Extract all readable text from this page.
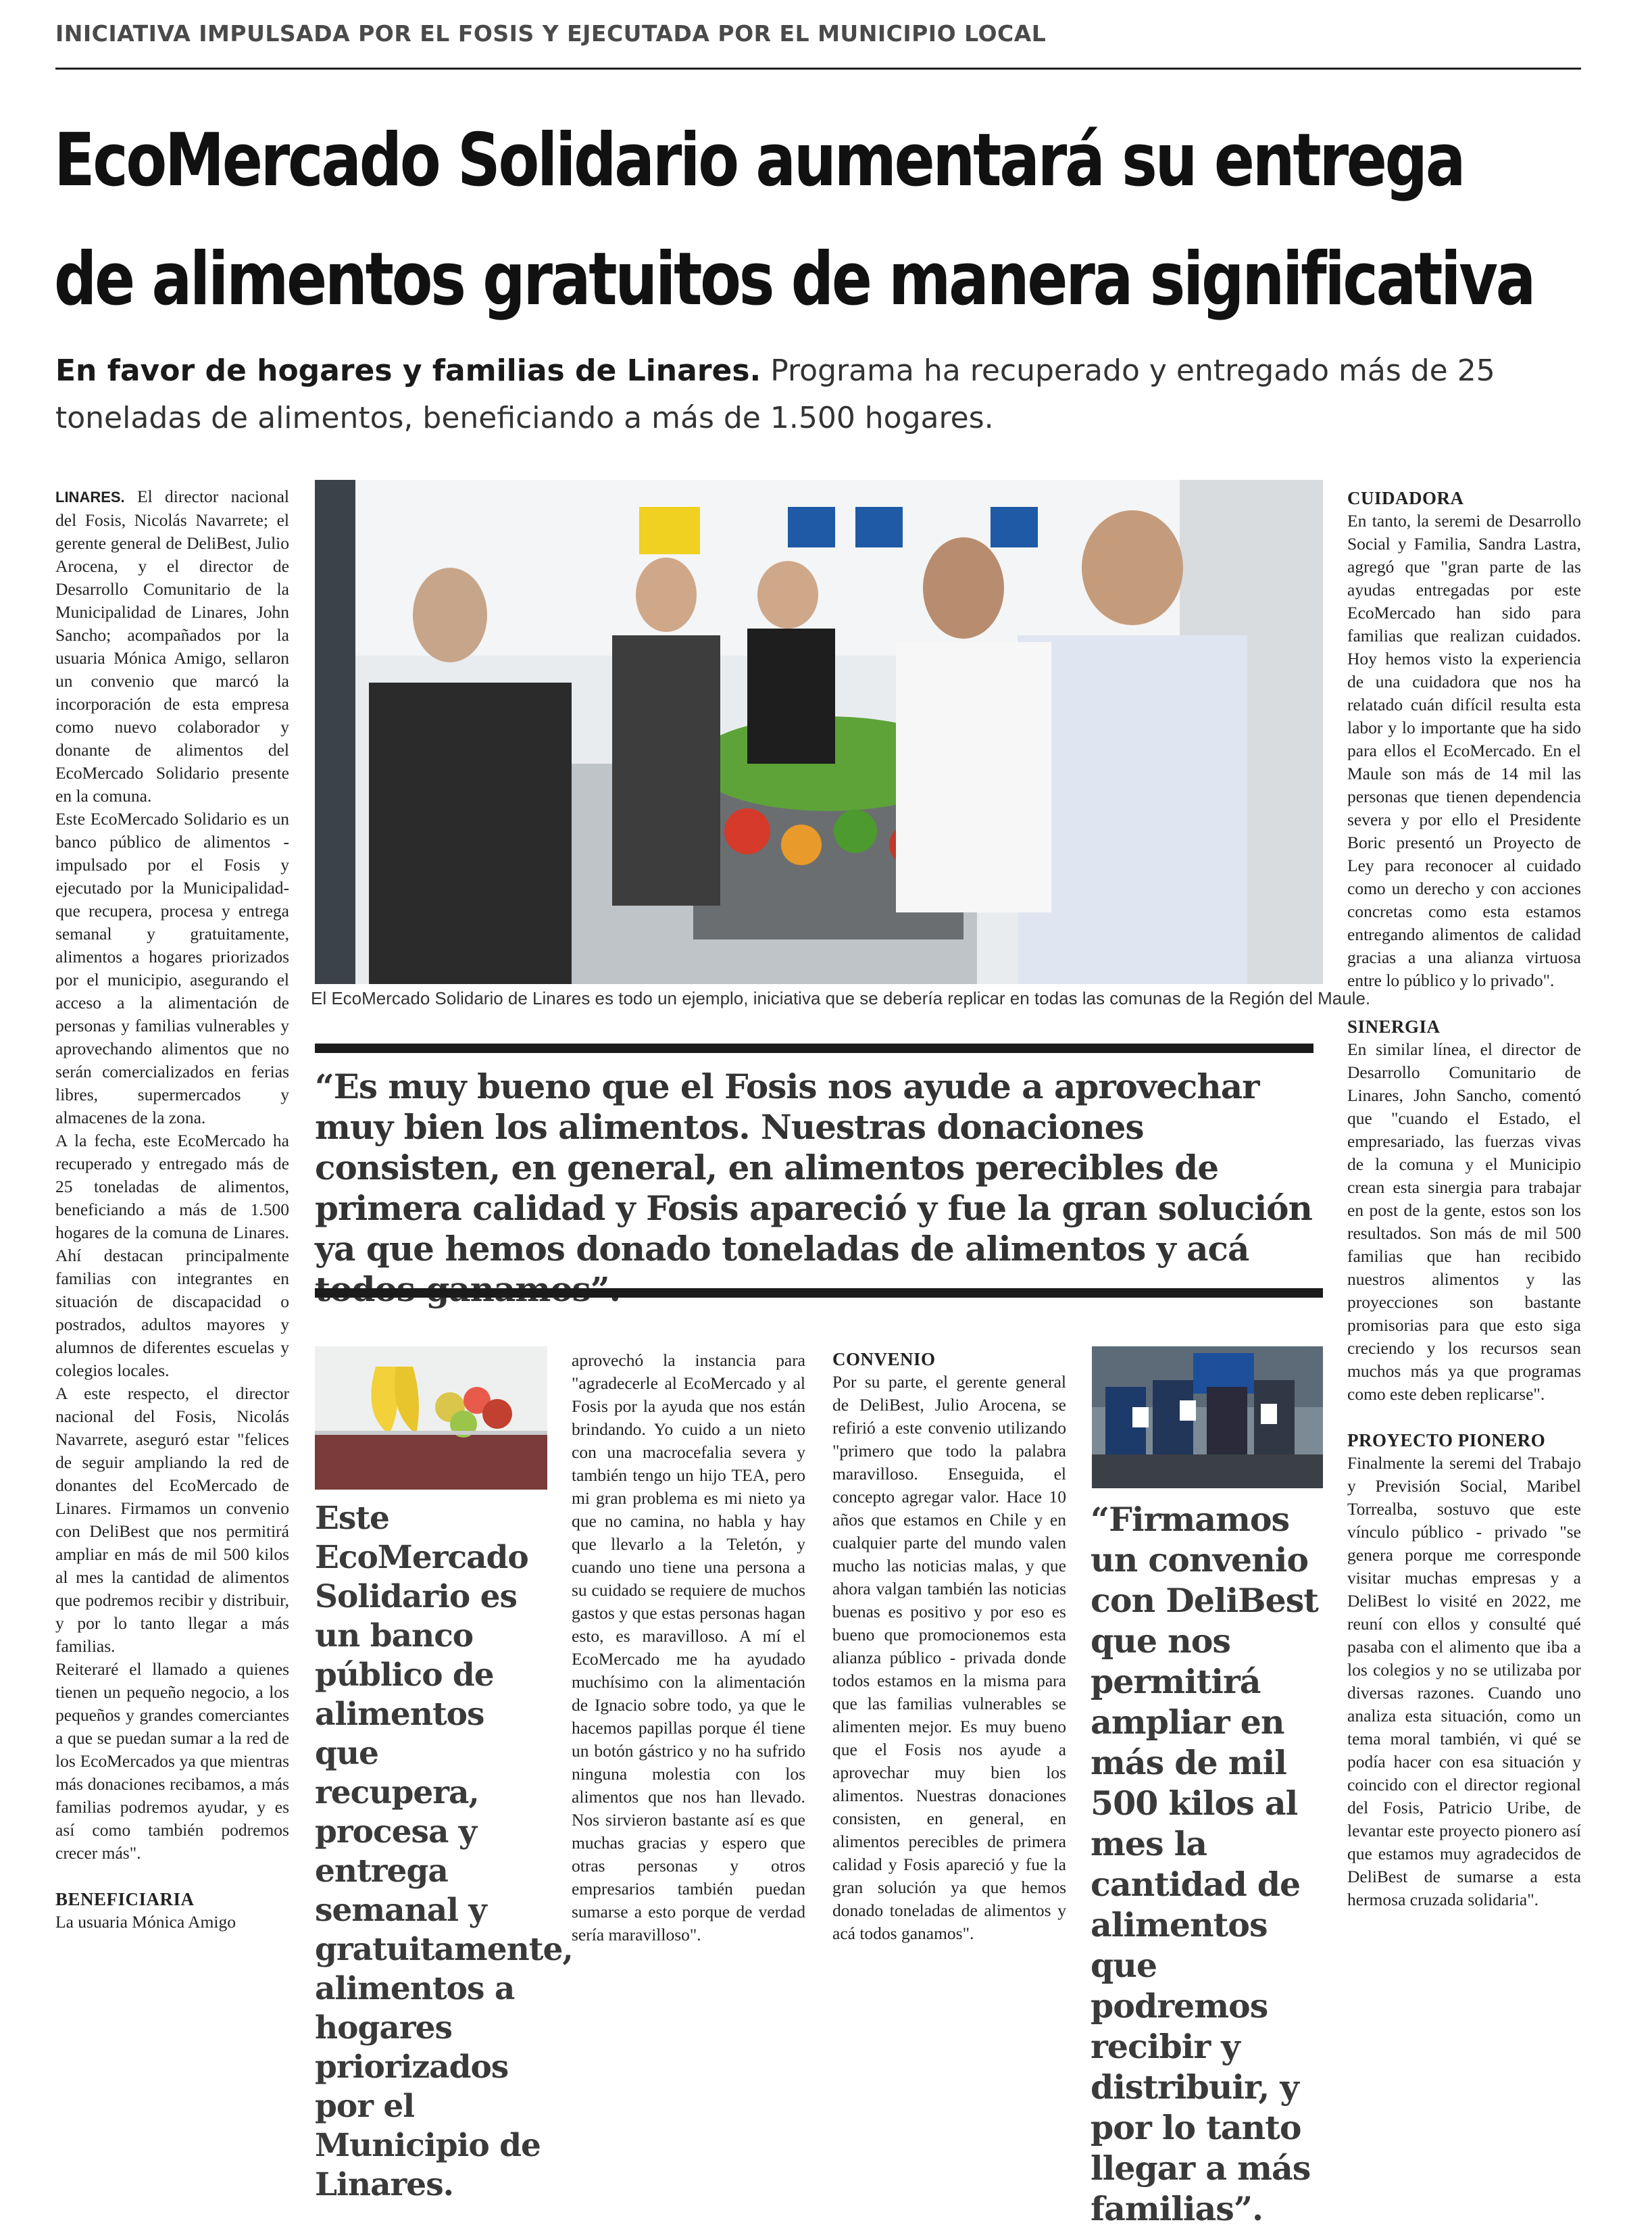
INICIATIVA IMPULSADA POR EL FOSIS Y EJECUTADA POR EL MUNICIPIO LOCAL
EcoMercado Solidario aumentará su entrega
de alimentos gratuitos de manera significativa
En favor de hogares y familias de Linares. Programa ha recuperado y entregado más de 25 toneladas de alimentos, beneficiando a más de 1.500 hogares.

LINARES. El director nacional del Fosis, Nicolás Navarrete; el gerente general de DeliBest, Julio Arocena, y el director de Desarrollo Comunitario de la Municipalidad de Linares, John Sancho; acompañados por la usuaria Mónica Amigo, sellaron un convenio que marcó la incorporación de esta empresa como nuevo colaborador y donante de alimentos del EcoMercado Solidario presente en la comuna.

Este EcoMercado Solidario es un banco público de alimentos -impulsado por el Fosis y ejecutado por la Municipalidad- que recupera, procesa y entrega semanal y gratuitamente, alimentos a hogares priorizados por el municipio, asegurando el acceso a la alimentación de personas y familias vulnerables y aprovechando alimentos que no serán comercializados en ferias libres, supermercados y almacenes de la zona.

A la fecha, este EcoMercado ha recuperado y entregado más de 25 toneladas de alimentos, beneficiando a más de 1.500 hogares de la comuna de Linares. Ahí destacan principalmente familias con integrantes en situación de discapacidad o postrados, adultos mayores y alumnos de diferentes escuelas y colegios locales.

A este respecto, el director nacional del Fosis, Nicolás Navarrete, aseguró estar "felices de seguir ampliando la red de donantes del EcoMercado de Linares. Firmamos un convenio con DeliBest que nos permitirá ampliar en más de mil 500 kilos al mes la cantidad de alimentos que podremos recibir y distribuir, y por lo tanto llegar a más familias.

Reiteraré el llamado a quienes tienen un pequeño negocio, a los pequeños y grandes comerciantes a que se puedan sumar a la red de los EcoMercados ya que mientras más donaciones recibamos, a más familias podremos ayudar, y es así como también podremos crecer más".

BENEFICIARIA

La usuaria Mónica Amigo

El EcoMercado Solidario de Linares es todo un ejemplo, iniciativa que se debería replicar en todas las comunas de la Región del Maule.
“Es muy bueno que el Fosis nos ayude a aprovechar muy bien los alimentos. Nuestras donaciones consisten, en general, en alimentos perecibles de primera calidad y Fosis apareció y fue la gran solución ya que hemos donado toneladas de alimentos y acá
Este EcoMercado Solidario es un banco público de alimentos que recupera, procesa y entrega semanal y gratuitamente, alimentos a hogares priorizados por el Municipio de Linares.

aprovechó la instancia para "agradecerle al EcoMercado y al Fosis por la ayuda que nos están brindando. Yo cuido a un nieto con una macrocefalia severa y también tengo un hijo TEA, pero mi gran problema es mi nieto ya que no camina, no habla y hay que llevarlo a la Teletón, y cuando uno tiene una persona a su cuidado se requiere de muchos gastos y que estas personas hagan esto, es maravilloso. A mí el EcoMercado me ha ayudado muchísimo con la alimentación de Ignacio sobre todo, ya que le hacemos papillas porque él tiene un botón gástrico y no ha sufrido ninguna molestia con los alimentos que nos han llevado. Nos sirvieron bastante así es que muchas gracias y espero que otras personas y otros empresarios también puedan sumarse a esto porque de verdad sería maravilloso".

CONVENIO

Por su parte, el gerente general de DeliBest, Julio Arocena, se refirió a este convenio utilizando "primero que todo la palabra maravilloso. Enseguida, el concepto agregar valor. Hace 10 años que estamos en Chile y en cualquier parte del mundo valen mucho las noticias malas, y que ahora valgan también las noticias buenas es positivo y por eso es bueno que promocionemos esta alianza público - privada donde todos estamos en la misma para que las familias vulnerables se alimenten mejor. Es muy bueno que el Fosis nos ayude a aprovechar muy bien los alimentos. Nuestras donaciones consisten, en general, en alimentos perecibles de primera calidad y Fosis apareció y fue la gran solución ya que hemos donado toneladas de alimentos y acá todos ganamos".

“Firmamos un convenio con DeliBest que nos permitirá ampliar en más de mil 500 kilos al mes la cantidad de alimentos que podremos recibir y distribuir, y por lo tanto llegar a más familias”.
CUIDADORA

En tanto, la seremi de Desarrollo Social y Familia, Sandra Lastra, agregó que "gran parte de las ayudas entregadas por este EcoMercado han sido para familias que realizan cuidados. Hoy hemos visto la experiencia de una cuidadora que nos ha relatado cuán difícil resulta esta labor y lo importante que ha sido para ellos el EcoMercado. En el Maule son más de 14 mil las personas que tienen dependencia severa y por ello el Presidente Boric presentó un Proyecto de Ley para reconocer al cuidado como un derecho y con acciones concretas como esta estamos entregando alimentos de calidad gracias a una alianza virtuosa entre lo público y lo privado".

SINERGIA

En similar línea, el director de Desarrollo Comunitario de Linares, John Sancho, comentó que "cuando el Estado, el empresariado, las fuerzas vivas de la comuna y el Municipio crean esta sinergia para trabajar en post de la gente, estos son los resultados. Son más de mil 500 familias que han recibido nuestros alimentos y las proyecciones son bastante promisorias para que esto siga creciendo y los recursos sean muchos más ya que programas como este deben replicarse".

PROYECTO PIONERO

Finalmente la seremi del Trabajo y Previsión Social, Maribel Torrealba, sostuvo que este vínculo público - privado "se genera porque me corresponde visitar muchas empresas y a DeliBest lo visité en 2022, me reuní con ellos y consulté qué pasaba con el alimento que iba a los colegios y no se utilizaba por diversas razones. Cuando uno analiza esta situación, como un tema moral también, vi qué se podía hacer con esa situación y coincido con el director regional del Fosis, Patricio Uribe, de levantar este proyecto pionero así que estamos muy agradecidos de DeliBest de sumarse a esta hermosa cruzada solidaria".
